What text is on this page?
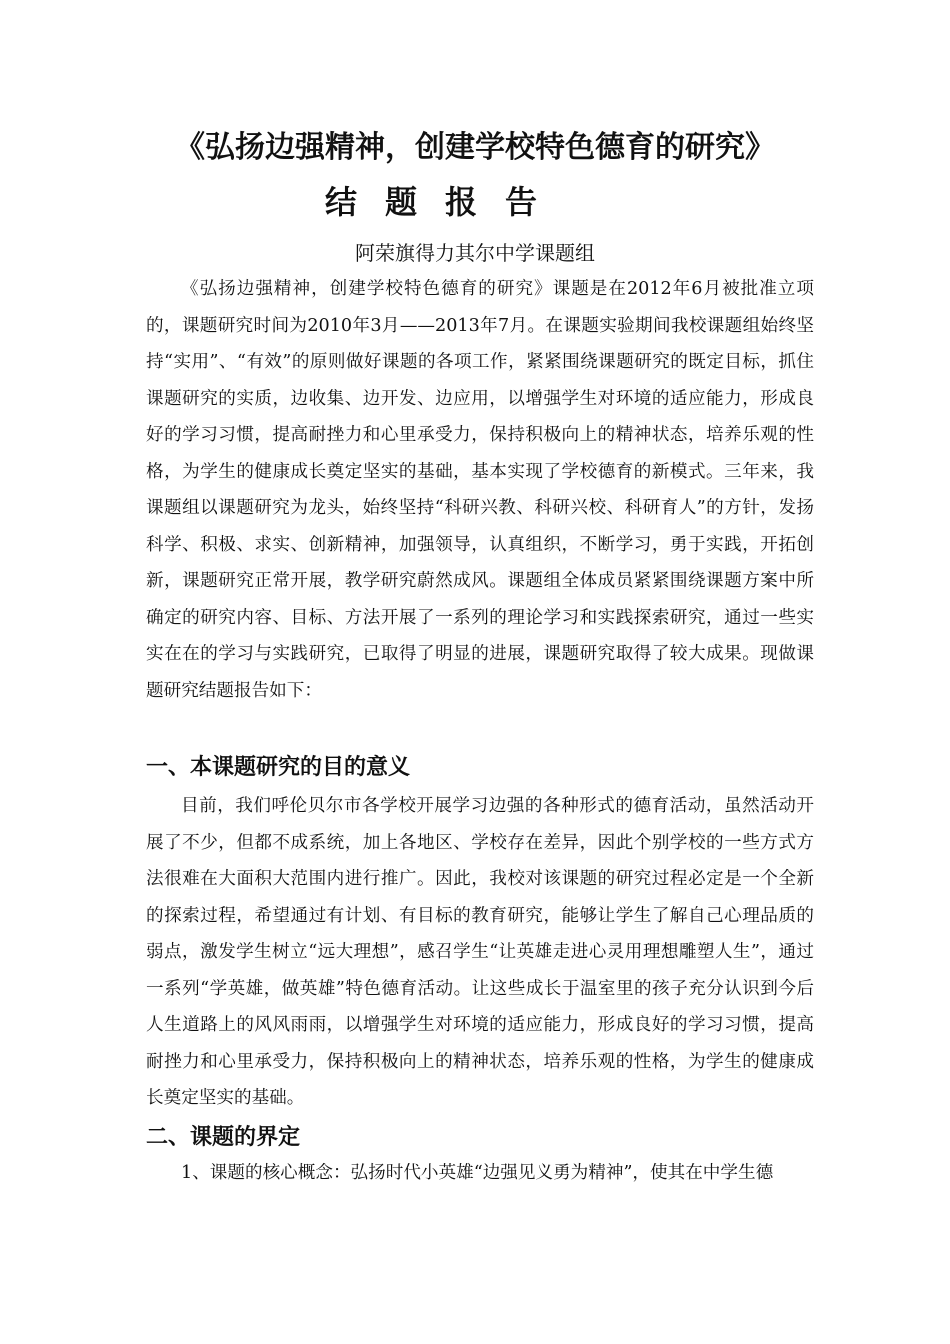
《弘扬边强精神，创建学校特色德育的研究》
结题报告
阿荣旗得力其尔中学课题组

《弘扬边强精神，创建学校特色德育的研究》课题是在2012年6月被批准立项的，课题研究时间为2010年3月——2013年7月。在课题实验期间我校课题组始终坚持“实用”、“有效”的原则做好课题的各项工作，紧紧围绕课题研究的既定目标，抓住课题研究的实质，边收集、边开发、边应用，以增强学生对环境的适应能力，形成良好的学习习惯，提高耐挫力和心里承受力，保持积极向上的精神状态，培养乐观的性格，为学生的健康成长奠定坚实的基础，基本实现了学校德育的新模式。三年来，我课题组以课题研究为龙头，始终坚持“科研兴教、科研兴校、科研育人”的方针，发扬科学、积极、求实、创新精神，加强领导，认真组织，不断学习，勇于实践，开拓创新，课题研究正常开展，教学研究蔚然成风。课题组全体成员紧紧围绕课题方案中所确定的研究内容、目标、方法开展了一系列的理论学习和实践探索研究，通过一些实实在在的学习与实践研究，已取得了明显的进展，课题研究取得了较大成果。现做课题研究结题报告如下：

一、本课题研究的目的意义

目前，我们呼伦贝尔市各学校开展学习边强的各种形式的德育活动，虽然活动开展了不少，但都不成系统，加上各地区、学校存在差异，因此个别学校的一些方式方法很难在大面积大范围内进行推广。因此，我校对该课题的研究过程必定是一个全新的探索过程，希望通过有计划、有目标的教育研究，能够让学生了解自己心理品质的弱点，激发学生树立“远大理想”，感召学生“让英雄走进心灵用理想雕塑人生”，通过一系列“学英雄，做英雄”特色德育活动。让这些成长于温室里的孩子充分认识到今后人生道路上的风风雨雨，以增强学生对环境的适应能力，形成良好的学习习惯，提高耐挫力和心里承受力，保持积极向上的精神状态，培养乐观的性格，为学生的健康成长奠定坚实的基础。

二、课题的界定

1、课题的核心概念：弘扬时代小英雄“边强见义勇为精神”，使其在中学生德
